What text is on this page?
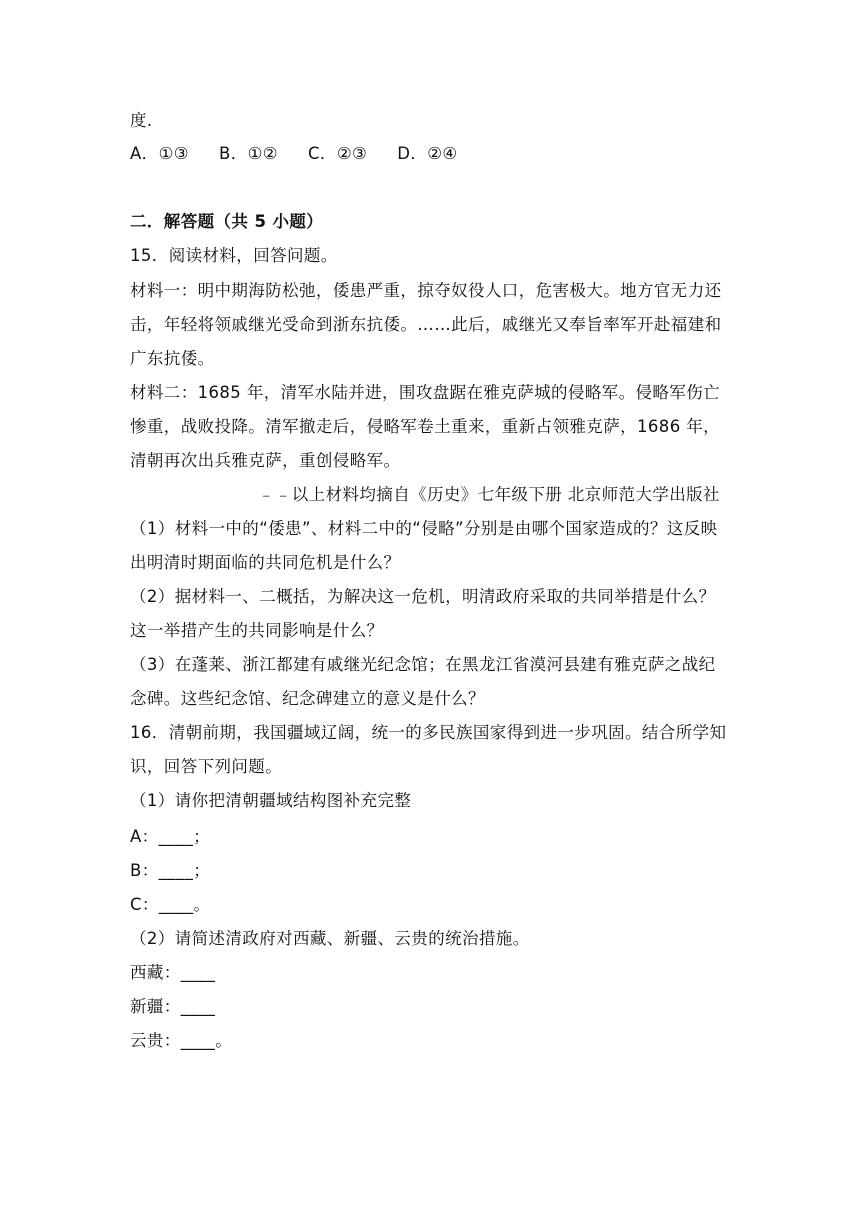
度.
A．①③ B．①② C．②③ D．②④
二．解答题（共 5 小题）
15．阅读材料，回答问题。
材料一：明中期海防松弛，倭患严重，掠夺奴役人口，危害极大。地方官无力还
击，年轻将领戚继光受命到浙东抗倭。……此后，戚继光又奉旨率军开赴福建和
广东抗倭。
材料二：1685 年，清军水陆并进，围攻盘踞在雅克萨城的侵略军。侵略军伤亡
惨重，战败投降。清军撤走后，侵略军卷土重来，重新占领雅克萨，1686 年，
清朝再次出兵雅克萨，重创侵略军。
﹣﹣以上材料均摘自《历史》七年级下册 北京师范大学出版社
（1）材料一中的“倭患”、材料二中的“侵略”分别是由哪个国家造成的？这反映
出明清时期面临的共同危机是什么？
（2）据材料一、二概括，为解决这一危机，明清政府采取的共同举措是什么？
这一举措产生的共同影响是什么？
（3）在蓬莱、浙江都建有戚继光纪念馆；在黑龙江省漠河县建有雅克萨之战纪
念碑。这些纪念馆、纪念碑建立的意义是什么？
16．清朝前期，我国疆域辽阔，统一的多民族国家得到进一步巩固。结合所学知
识，回答下列问题。
（1）请你把清朝疆域结构图补充完整
A：____；
B：____；
C：____。
（2）请简述清政府对西藏、新疆、云贵的统治措施。
西藏：____
新疆：____
云贵：____。
